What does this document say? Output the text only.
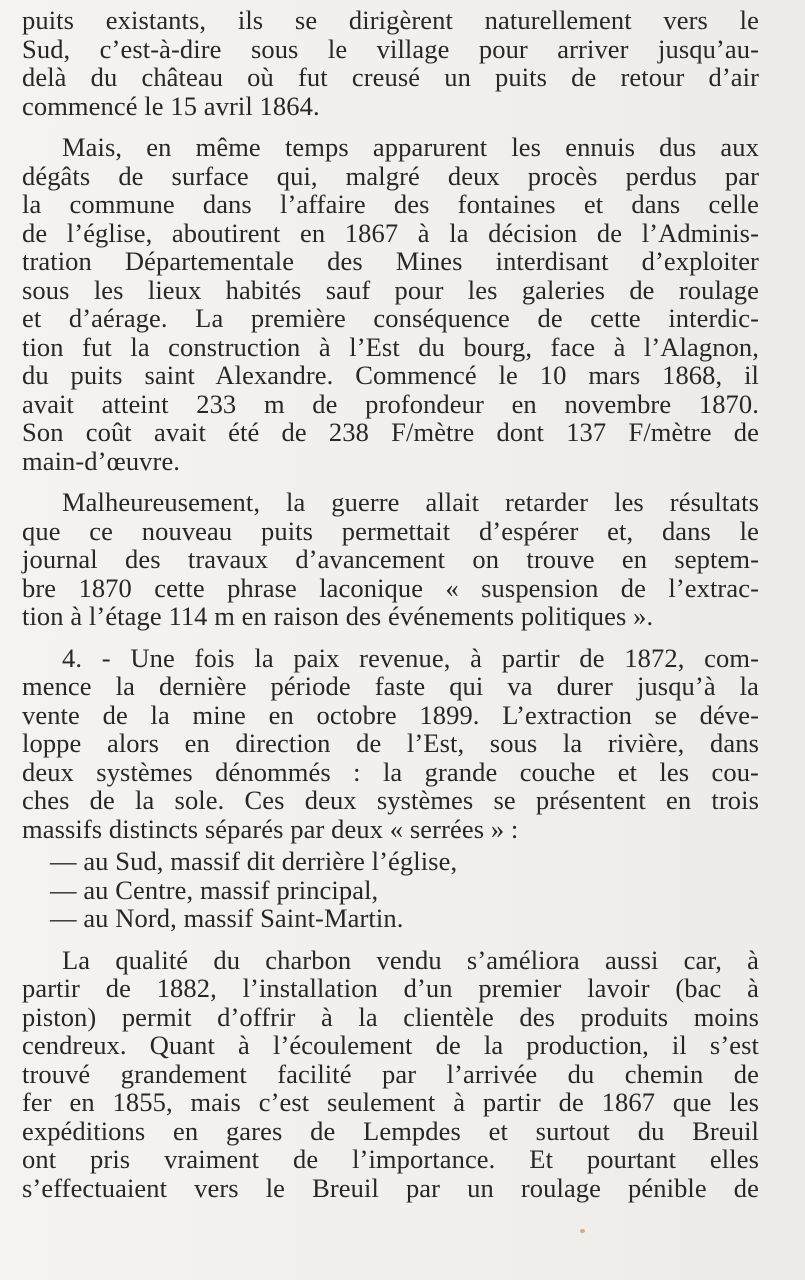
puits existants, ils se dirigèrent naturellement vers le
Sud, c’est-à-dire sous le village pour arriver jusqu’au-
delà du château où fut creusé un puits de retour d’air
commencé le 15 avril 1864.
Mais, en même temps apparurent les ennuis dus aux
dégâts de surface qui, malgré deux procès perdus par
la commune dans l’affaire des fontaines et dans celle
de l’église, aboutirent en 1867 à la décision de l’Adminis-
tration Départementale des Mines interdisant d’exploiter
sous les lieux habités sauf pour les galeries de roulage
et d’aérage. La première conséquence de cette interdic-
tion fut la construction à l’Est du bourg, face à l’Alagnon,
du puits saint Alexandre. Commencé le 10 mars 1868, il
avait atteint 233 m de profondeur en novembre 1870.
Son coût avait été de 238 F/mètre dont 137 F/mètre de
main-d’œuvre.
Malheureusement, la guerre allait retarder les résultats
que ce nouveau puits permettait d’espérer et, dans le
journal des travaux d’avancement on trouve en septem-
bre 1870 cette phrase laconique « suspension de l’extrac-
tion à l’étage 114 m en raison des événements politiques ».
4. - Une fois la paix revenue, à partir de 1872, com-
mence la dernière période faste qui va durer jusqu’à la
vente de la mine en octobre 1899. L’extraction se déve-
loppe alors en direction de l’Est, sous la rivière, dans
deux systèmes dénommés : la grande couche et les cou-
ches de la sole. Ces deux systèmes se présentent en trois
massifs distincts séparés par deux « serrées » :
— au Sud, massif dit derrière l’église,
— au Centre, massif principal,
— au Nord, massif Saint-Martin.
La qualité du charbon vendu s’améliora aussi car, à
partir de 1882, l’installation d’un premier lavoir (bac à
piston) permit d’offrir à la clientèle des produits moins
cendreux. Quant à l’écoulement de la production, il s’est
trouvé grandement facilité par l’arrivée du chemin de
fer en 1855, mais c’est seulement à partir de 1867 que les
expéditions en gares de Lempdes et surtout du Breuil
ont pris vraiment de l’importance. Et pourtant elles
s’effectuaient vers le Breuil par un roulage pénible de
